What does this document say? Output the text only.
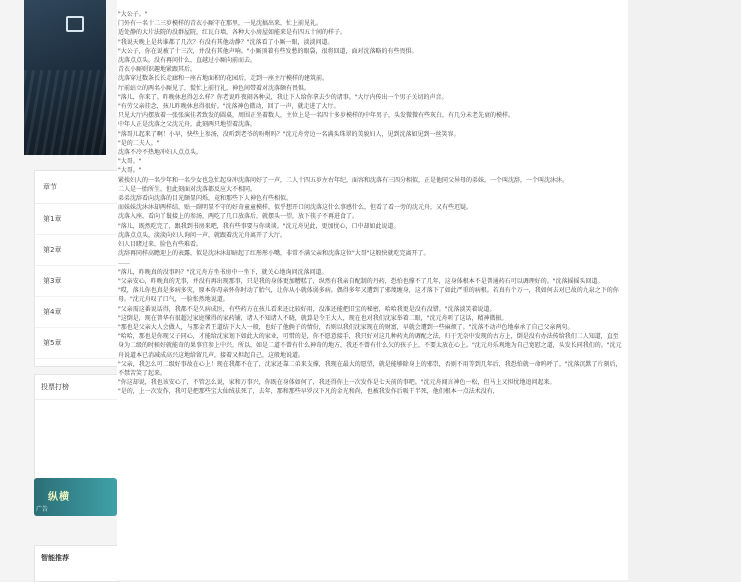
章节
第1章
第2章
第3章
第4章
第5章
投票打榜
纵横
广告
智能推荐

"大公子。"

门外有一名十二三岁模样的青衣小厮守在那里，一见沈搞出来，忙上前见礼。

适处静的大片法院的没群屋院，红瓦白墙，各种大小房屋如能来是有四五十间的样子。

"我说天晚上是共谁都了几次？有没有其他动静？"沈落看了小厮一眼，淡淡问道。

"大公子，你在说被了十三次，并没有其他声响。"小厮顶着有些发愁的眼袋，很将回道，面对沈落略的有些畏惧。

沈落点点头，没有再问什么，直越过小厮向前而去。

青衣小厮则识趣地紧跟其后。

沈落穿过数条长长走廊和一座占地面积的花园后，走到一座主厅模样的建筑前。

厅前站立的两名小厮见了，慌忙上前行礼，神色间带着对沈落颇有畏惧。

"落儿，你来了。昨晚休息得怎么样？你老说昨夜闹各种灵，我让下人给你拿去少的诸事。"大厅内传出一个男子关切的声音。

"有劳父亲挂念，孩儿昨晚休息得很好。"沈落神色微动，回了一声，就走进了大厅。

只见大厅内摆放着一张张演佳者致发的圆桌，周围正坐着数人，主位上是一名四十多岁模样的中年男子，头发微微有些灰白，有几分未老先衰的模样。

中年人正是沈落之父沈元舟，此刻两只地望着沈落。

"落哥儿起来了啊！小早，快些上参汤，没听到老爷的吩咐吗？"沈元舟旁边一名满头珠翠的美貌妇人，见到沈落如见到一丝笑容。

"是的二夫人。"

沈落不冷不热地冲妇人点点头。

"大哥。"

"大哥。"

紧挨妇人的一名少年和一名少女也急忙起身冲沈落问好了一声，二人十四五岁左右年纪，面容和沈落有三四分相似，正是他同父异母的弟妹，一个叫沈辞，一个叫沈沐沐。

二人是一胎所生，但此刻面对沈落都反应大不相同。

弟弟沈辞看向沈落的目光颇显闪烁，竟和那些下人神色有些相似。

而妹妹沈沐沐却两样结，贴一副明显不守的好奇童童模样，似乎想开口问沈落这什么事感什么，但看了看一旁的沈元舟，又有些迟疑。

沈落入座，看向丫鬟接上的参汤，两吃了几口放落后，就摆头一望，放下筷子不再进食了。

"落儿，既然吃完了，跟我到书房来吧，我有些事要与你谈谈。"沈元舟见此，更加忧心，口中却如此说道。

沈落点点头，淡淡向妇人询问一声，就跟着沈元舟离开了大厅。

妇人目睹过来，脸色有些难看。

沈辞再同样高瞻迎上的表露，似是沈沐沐却暗起了红彤彤小嘴，非常不满父亲和沈落这位"大哥"这般快就吃完离开了。

……

"落儿，昨晚真的没事吗？"沈元舟方坐书房中一坐下，就关心地询问沈落问道。

"父亲安心，昨晚真的无事，并没有再出现那事，只是我的身体更加糟糕了，纵然有我亲自配制的丹药，恐怕也撑不了几年，这身体根本不是普通药石可以调理好的。"沈落摇摇头回道。

"哎，落儿你也真是多病多灾，原本你母亲怀你时动了胎气，让你从小就体弱多病。偶得多年又遭到了邪蔑缠身，这才落下了如此严重的病根。若真有个万一，我如何去对已故的九泉之下的你母。"沈元舟叹了口气，一脸怅然地说道。

"父亲需这番说话得，我都不是久病成医，有些药方在孩儿看来还比较好用，没准还能把旧宝的秘密，哈哈我更是没有没错。"沈落淡笑着说道。

"这倒是，现在普华有很超过家庭懂得的家药铺，诸人不知诸人不晓，就算是令王大人，现在也对我们沈家举着二眼，"沈元舟听了这话，精神微振。

"那也是父亲大人会做人，与那金者王道结下大人一般，也好了他俩子的情份，否则以我们沈家现在的财富，早就会遭到一些麻烦了。"沈落不动声色地奉承了自己父亲两句。

"哈哈，那也是你现父子同心，才能给沈家划下如此大的家业，可惜的是，你不愿意接手，我只好对这几种药丸的调配之法，归于无奈中发现的古方上，倒是没有办法传给我们二人知道，直至身为二级的时候好就能奇的果事宜参上中兴，所以，如是二道不曾有什么神奇的地方，我还不曾有什么欠的孩子上，不要太放在心上。"沈元舟乐观地为自己宽慰之道，头发长同我们的。"沈元舟说道本已消减成高兴这地给留几声，接着又担起自己，这般地说道。

"父亲，我怎么可二级好事故在心上！现在我都不在了，沈家还靠二弟来支撑，我现在最大的愿望，就是能够除身上的邪祟，否则不用等到几年后，我恐怕就一命呜呼了。"沈落沉默了片刻后，不禁苦笑了起来。

"你这却说，我也该安心了，不管怎么说，家和万事兴，你既在身体如何了，我还得你上一次发作是七天前的事吧。"沈元舟闻言神色一松，但马上又担忧地追问起来。

"是的，上一次发作，我可是把那些宝大仙绒祛死了，去年，那和那些早罗汉下凡的金光和尚，也被我发作后吸干半死，他们根本一点法术没有，
